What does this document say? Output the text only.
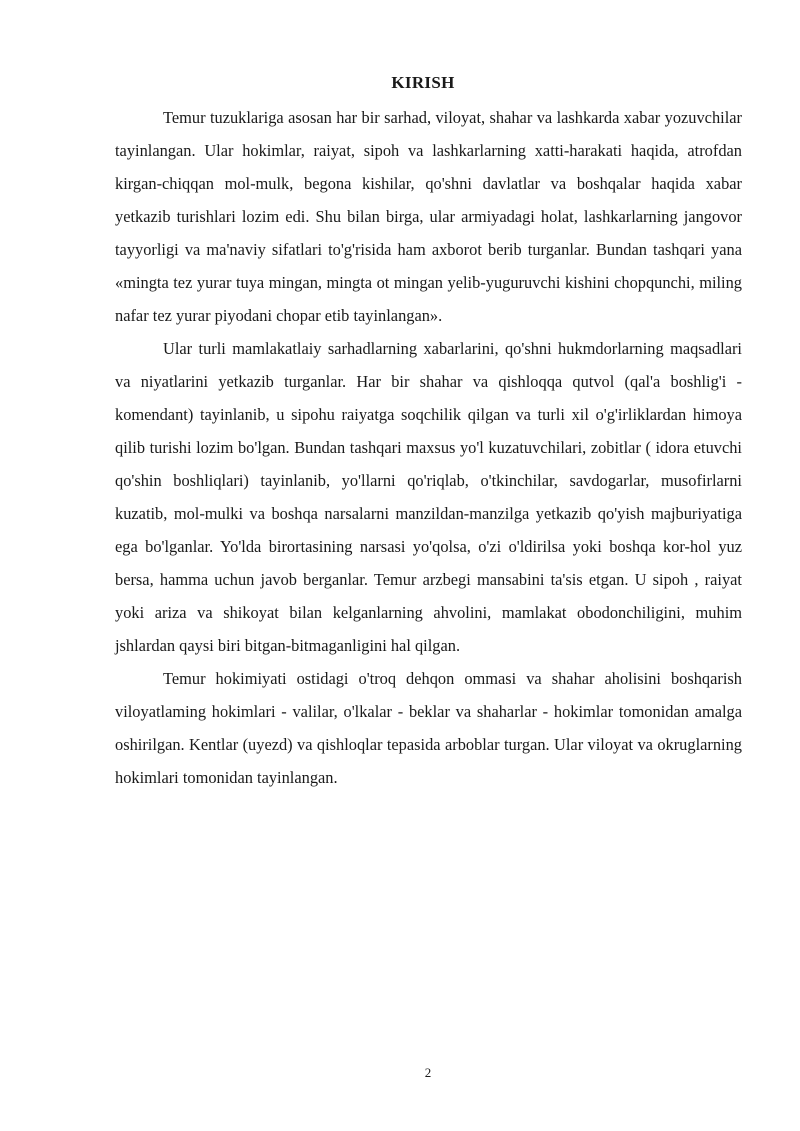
KIRISH

Temur tuzuklariga asosan har bir sarhad, viloyat, shahar va lashkarda xabar yozuvchilar tayinlangan. Ular hokimlar, raiyat, sipoh va lashkarlarning xatti-harakati haqida, atrofdan kirgan-chiqqan mol-mulk, begona kishilar, qo'shni davlatlar va boshqalar haqida xabar yetkazib turishlari lozim edi. Shu bilan birga, ular armiyadagi holat, lashkarlarning jangovor tayyorligi va ma'naviy sifatlari to'g'risida ham axborot berib turganlar. Bundan tashqari yana «mingta tez yurar tuya mingan, mingta ot mingan yelib-yuguruvchi kishini chopqunchi, miling nafar tez yurar piyodani chopar etib tayinlangan».

Ular turli mamlakatlaiy sarhadlarning xabarlarini, qo'shni hukmdorlarning maqsadlari va niyatlarini yetkazib turganlar. Har bir shahar va qishloqqa qutvol (qal'a boshlig'i - komendant) tayinlanib, u sipohu raiyatga soqchilik qilgan va turli xil o'g'irliklardan himoya qilib turishi lozim bo'lgan. Bundan tashqari maxsus yo'l kuzatuvchilari, zobitlar ( idora etuvchi qo'shin boshliqlari) tayinlanib, yo'llarni qo'riqlab, o'tkinchilar, savdogarlar, musofirlarni kuzatib, mol-mulki va boshqa narsalarni manzildan-manzilga yetkazib qo'yish majburiyatiga ega bo'lganlar. Yo'lda birortasining narsasi yo'qolsa, o'zi o'ldirilsa yoki boshqa kor-hol yuz bersa, hamma uchun javob berganlar. Temur arzbegi mansabini ta'sis etgan. U sipoh , raiyat yoki ariza va shikoyat bilan kelganlarning ahvolini, mamlakat obodonchiligini, muhim jshlardan qaysi biri bitgan-bitmaganligini hal qilgan.

Temur hokimiyati ostidagi o'troq dehqon ommasi va shahar aholisini boshqarish viloyatlaming hokimlari - valilar, o'lkalar - beklar va shaharlar - hokimlar tomonidan amalga oshirilgan. Kentlar (uyezd) va qishloqlar tepasida arboblar turgan. Ular viloyat va okruglarning hokimlari tomonidan tayinlangan.

2
